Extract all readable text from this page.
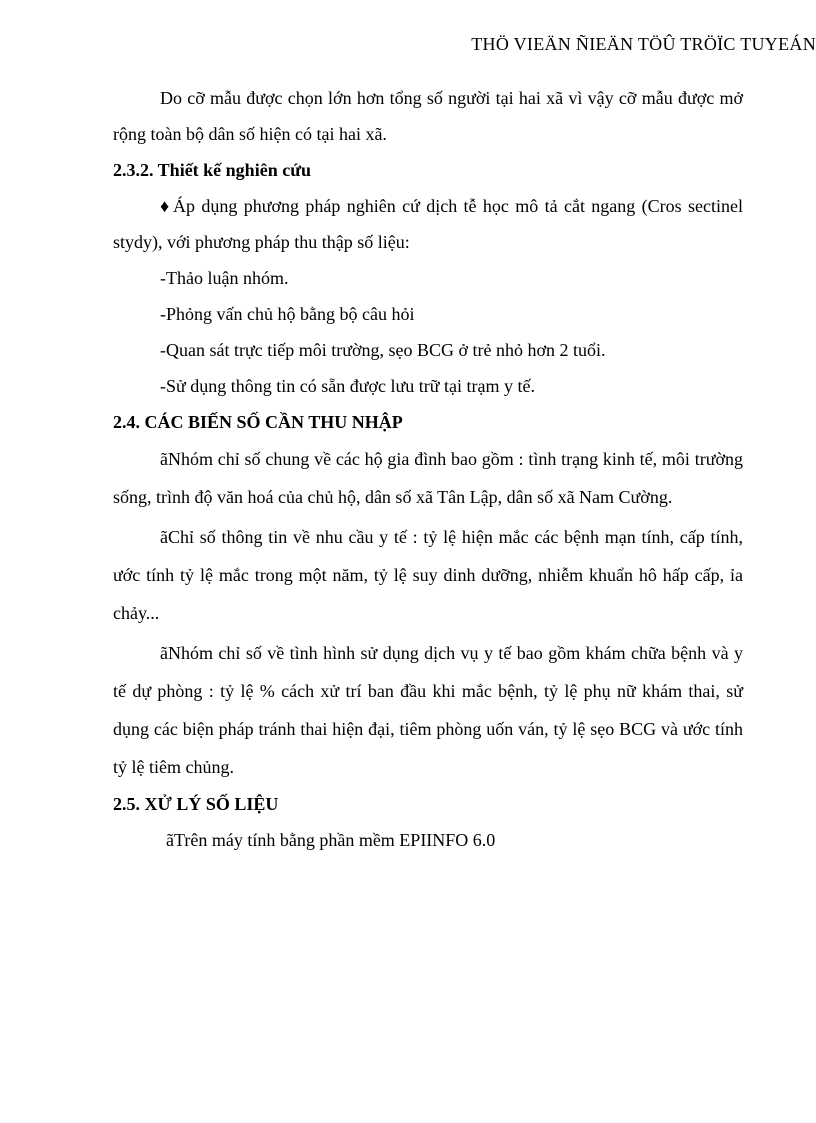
THÖ VIEÄN ÑIEÄN TÖÛ TRÖÏC TUYEÁN

Do cỡ mẫu được chọn lớn hơn tổng số người tại hai xã vì vậy cỡ mẫu được mở rộng toàn bộ dân số hiện có tại hai xã.

2.3.2. Thiết kế nghiên cứu

♦ Áp dụng phương pháp nghiên cứ dịch tễ học mô tả cắt ngang (Cros sectinel stydy), với phương pháp thu thập số liệu:

-Thảo luận nhóm.

-Phỏng vấn chủ hộ bằng bộ câu hỏi

-Quan sát trực tiếp môi trường, sẹo BCG ở trẻ nhỏ hơn 2 tuổi.

-Sử dụng thông tin có sẵn được lưu trữ tại trạm y tế.

2.4. CÁC BIẾN SỐ CẦN THU NHẬP

ãNhóm chỉ số chung về các hộ gia đình bao gồm : tình trạng kinh tế, môi trường sống, trình độ văn hoá của chủ hộ, dân số xã Tân Lập, dân số xã Nam Cường.

ãChỉ số thông tin về nhu cầu y tế : tỷ lệ hiện mắc các bệnh mạn tính, cấp tính, ước tính tỷ lệ mắc trong một năm, tỷ lệ suy dinh dưỡng, nhiễm khuẩn hô hấp cấp, ỉa chảy...

ãNhóm chỉ số về tình hình sử dụng dịch vụ y tế bao gồm khám chữa bệnh và y tế dự phòng : tỷ lệ % cách xử trí ban đầu khi mắc bệnh, tỷ lệ phụ nữ khám thai, sử dụng các biện pháp tránh thai hiện đại, tiêm phòng uốn ván, tỷ lệ sẹo BCG và ước tính tỷ lệ tiêm chủng.

2.5. XỬ LÝ SỐ LIỆU

ãTrên máy tính bằng phần mềm EPIINFO 6.0
